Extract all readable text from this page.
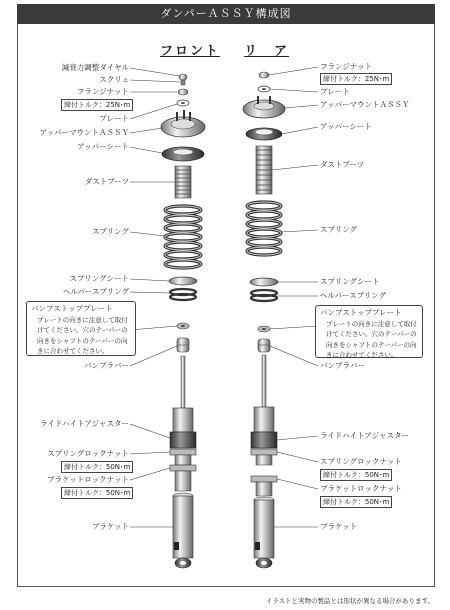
ダンパーＡＳＳＹ構成図
フロント リ　ア
減衰力調整ダイヤル
スクリュ
フランジナット
締付トルク：25N･m
プレート
アッパーマウントＡＳＳＹ
アッパーシート
ダストブーツ
スプリング
スプリングシート
ヘルパースプリング
バンプストッププレート
プレートの向きに注意して取付けてください。穴のテーパーの向きをシャフトのテーパーの向きに合わせてください。
バンプラバー
ライドハイトアジャスター
スプリングロックナット
締付トルク：50N･m
ブラケットロックナット
締付トルク：50N･m
ブラケット
フランジナット
締付トルク：25N･m
プレート
アッパーマウントＡＳＳＹ
アッパーシート
ダストブーツ
スプリング
スプリングシート
ヘルパースプリング
バンプストッププレート
プレートの向きに注意して取付けてください。穴のテーパーの向きをシャフトのテーパーの向きに合わせてください。
バンプラバー
ライドハイトアジャスター
スプリングロックナット
締付トルク：50N･m
ブラケットロックナット
締付トルク：50N･m
ブラケット
イラストと実物の製品とは形状が異なる場合があります。
